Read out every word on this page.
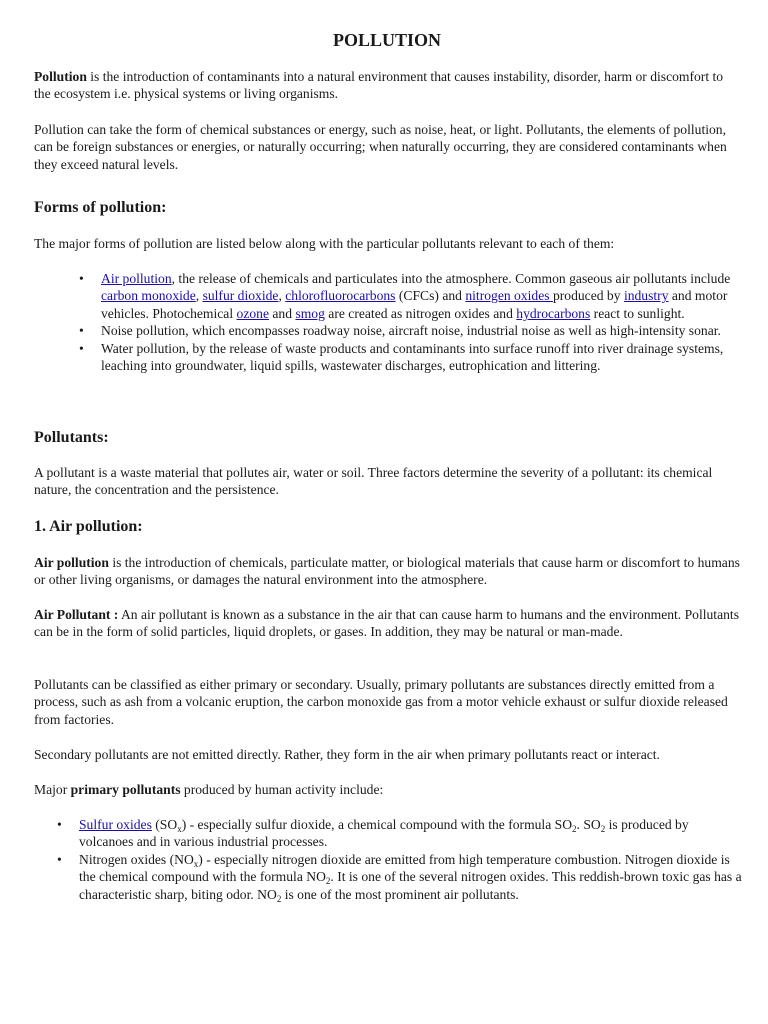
POLLUTION

Pollution is the introduction of contaminants into a natural environment that causes instability, disorder, harm or discomfort to the ecosystem i.e. physical systems or living organisms.

Pollution can take the form of chemical substances or energy, such as noise, heat, or light. Pollutants, the elements of pollution, can be foreign substances or energies, or naturally occurring; when naturally occurring, they are considered contaminants when they exceed natural levels.

Forms of pollution:

The major forms of pollution are listed below along with the particular pollutants relevant to each of them:

• Air pollution, the release of chemicals and particulates into the atmosphere. Common gaseous air pollutants include carbon monoxide, sulfur dioxide, chlorofluorocarbons (CFCs) and nitrogen oxides produced by industry and motor vehicles. Photochemical ozone and smog are created as nitrogen oxides and hydrocarbons react to sunlight.
• Noise pollution, which encompasses roadway noise, aircraft noise, industrial noise as well as high-intensity sonar.
• Water pollution, by the release of waste products and contaminants into surface runoff into river drainage systems, leaching into groundwater, liquid spills, wastewater discharges, eutrophication and littering.
Pollutants:

A pollutant is a waste material that pollutes air, water or soil. Three factors determine the severity of a pollutant: its chemical nature, the concentration and the persistence.

1. Air pollution:

Air pollution is the introduction of chemicals, particulate matter, or biological materials that cause harm or discomfort to humans or other living organisms, or damages the natural environment into the atmosphere.

Air Pollutant : An air pollutant is known as a substance in the air that can cause harm to humans and the environment. Pollutants can be in the form of solid particles, liquid droplets, or gases. In addition, they may be natural or man-made.

Pollutants can be classified as either primary or secondary. Usually, primary pollutants are substances directly emitted from a process, such as ash from a volcanic eruption, the carbon monoxide gas from a motor vehicle exhaust or sulfur dioxide released from factories.

Secondary pollutants are not emitted directly. Rather, they form in the air when primary pollutants react or interact.

Major primary pollutants produced by human activity include:

• Sulfur oxides $(SO_x)$ - especially sulfur dioxide, a chemical compound with the formula $SO_2$. $SO_2$ is produced by volcanoes and in various industrial processes.
• Nitrogen oxides $(NO_x)$ - especially nitrogen dioxide are emitted from high temperature combustion. Nitrogen dioxide is the chemical compound with the formula $NO_2$. It is one of the several nitrogen oxides. This reddish-brown toxic gas has a characteristic sharp, biting odor. $NO_2$ is one of the most prominent air pollutants.
